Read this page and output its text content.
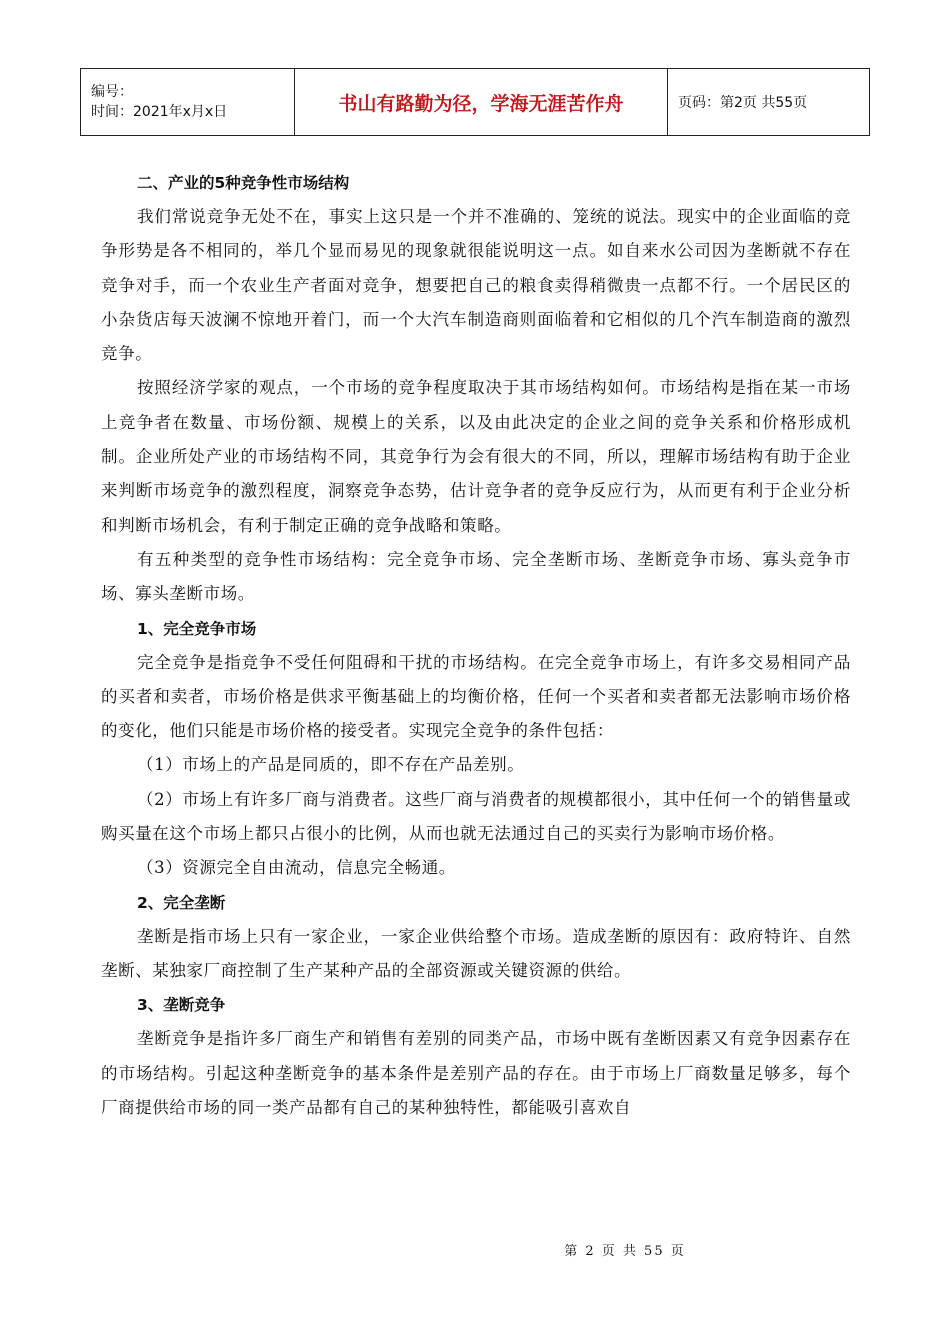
编号：
时间：2021年x月x日	书山有路勤为径，学海无涯苦作舟	页码：第2页 共55页

二、产业的5种竞争性市场结构

我们常说竞争无处不在，事实上这只是一个并不准确的、笼统的说法。现实中的企业面临的竞争形势是各不相同的，举几个显而易见的现象就很能说明这一点。如自来水公司因为垄断就不存在竞争对手，而一个农业生产者面对竞争，想要把自己的粮食卖得稍微贵一点都不行。一个居民区的小杂货店每天波澜不惊地开着门，而一个大汽车制造商则面临着和它相似的几个汽车制造商的激烈竞争。

按照经济学家的观点，一个市场的竞争程度取决于其市场结构如何。市场结构是指在某一市场上竞争者在数量、市场份额、规模上的关系，以及由此决定的企业之间的竞争关系和价格形成机制。企业所处产业的市场结构不同，其竞争行为会有很大的不同，所以，理解市场结构有助于企业来判断市场竞争的激烈程度，洞察竞争态势，估计竞争者的竞争反应行为，从而更有利于企业分析和判断市场机会，有利于制定正确的竞争战略和策略。

有五种类型的竞争性市场结构：完全竞争市场、完全垄断市场、垄断竞争市场、寡头竞争市场、寡头垄断市场。

1、完全竞争市场

完全竞争是指竞争不受任何阻碍和干扰的市场结构。在完全竞争市场上，有许多交易相同产品的买者和卖者，市场价格是供求平衡基础上的均衡价格，任何一个买者和卖者都无法影响市场价格的变化，他们只能是市场价格的接受者。实现完全竞争的条件包括：

（1）市场上的产品是同质的，即不存在产品差别。

（2）市场上有许多厂商与消费者。这些厂商与消费者的规模都很小，其中任何一个的销售量或购买量在这个市场上都只占很小的比例，从而也就无法通过自己的买卖行为影响市场价格。

（3）资源完全自由流动，信息完全畅通。

2、完全垄断

垄断是指市场上只有一家企业，一家企业供给整个市场。造成垄断的原因有：政府特许、自然垄断、某独家厂商控制了生产某种产品的全部资源或关键资源的供给。

3、垄断竞争

垄断竞争是指许多厂商生产和销售有差别的同类产品，市场中既有垄断因素又有竞争因素存在的市场结构。引起这种垄断竞争的基本条件是差别产品的存在。由于市场上厂商数量足够多，每个厂商提供给市场的同一类产品都有自己的某种独特性，都能吸引喜欢自

第 2 页 共 55 页
